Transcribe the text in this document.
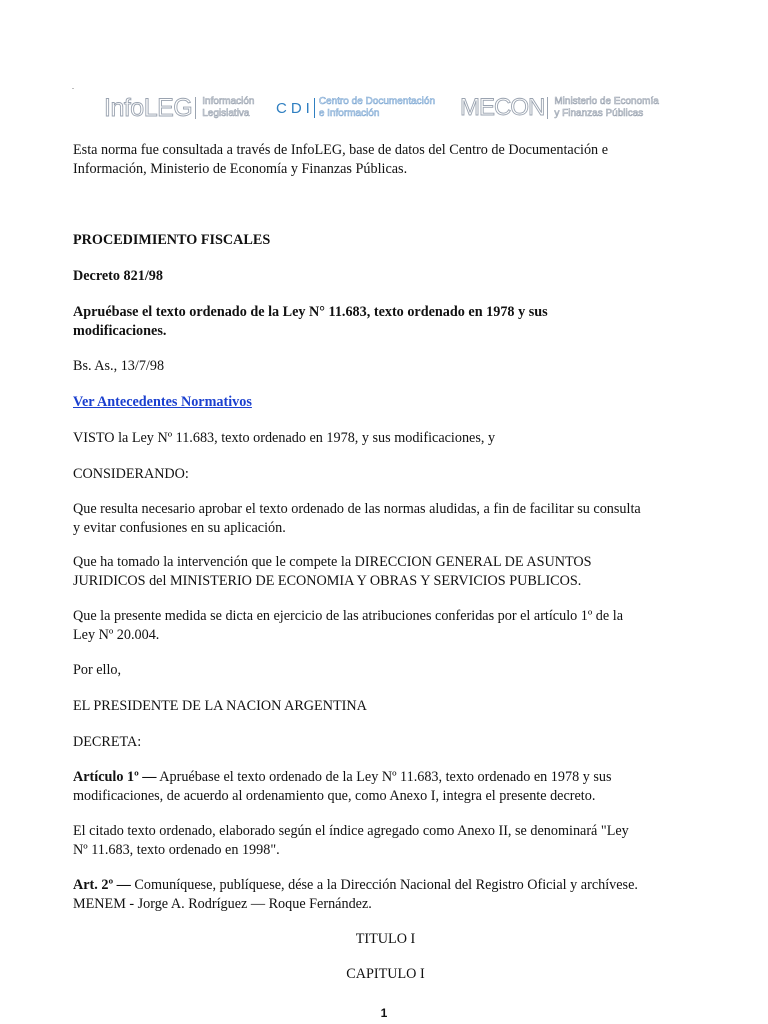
.
InfoLEG Información
Legislativa	CDI Centro de Documentación
e Información	MECON Ministerio de Economía
y Finanzas Públicas

Esta norma fue consultada a través de InfoLEG, base de datos del Centro de Documentación e
Información, Ministerio de Economía y Finanzas Públicas.

PROCEDIMIENTO FISCALES

Decreto 821/98

Apruébase el texto ordenado de la Ley N° 11.683, texto ordenado en 1978 y sus
modificaciones.

Bs. As., 13/7/98

Ver Antecedentes Normativos

VISTO la Ley Nº 11.683, texto ordenado en 1978, y sus modificaciones, y

CONSIDERANDO:

Que resulta necesario aprobar el texto ordenado de las normas aludidas, a fin de facilitar su consulta
y evitar confusiones en su aplicación.

Que ha tomado la intervención que le compete la DIRECCION GENERAL DE ASUNTOS
JURIDICOS del MINISTERIO DE ECONOMIA Y OBRAS Y SERVICIOS PUBLICOS.

Que la presente medida se dicta en ejercicio de las atribuciones conferidas por el artículo 1º de la
Ley Nº 20.004.

Por ello,

EL PRESIDENTE DE LA NACION ARGENTINA

DECRETA:

Artículo 1º — Apruébase el texto ordenado de la Ley Nº 11.683, texto ordenado en 1978 y sus
modificaciones, de acuerdo al ordenamiento que, como Anexo I, integra el presente decreto.

El citado texto ordenado, elaborado según el índice agregado como Anexo II, se denominará "Ley
Nº 11.683, texto ordenado en 1998".

Art. 2º — Comuníquese, publíquese, dése a la Dirección Nacional del Registro Oficial y archívese.
MENEM - Jorge A. Rodríguez — Roque Fernández.

TITULO I

CAPITULO I

1
